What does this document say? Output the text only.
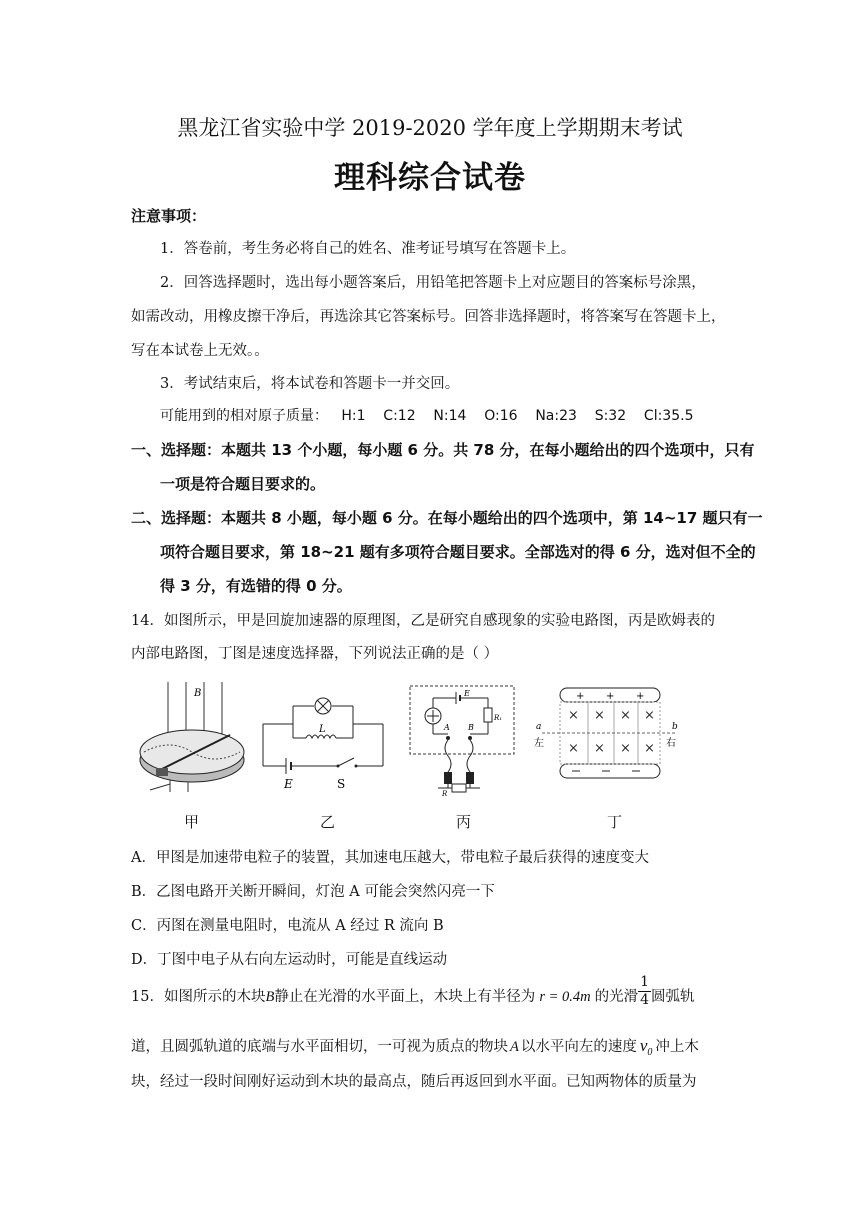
黑龙江省实验中学 2019-2020 学年度上学期期末考试
理科综合试卷
注意事项：
1．答卷前，考生务必将自己的姓名、准考证号填写在答题卡上。
2．回答选择题时，选出每小题答案后，用铅笔把答题卡上对应题目的答案标号涂黑，
如需改动，用橡皮擦干净后，再选涂其它答案标号。回答非选择题时，将答案写在答题卡上，
写在本试卷上无效。。
3．考试结束后，将本试卷和答题卡一并交回。
可能用到的相对原子质量：   H:1    C:12    N:14    O:16    Na:23    S:32    Cl:35.5
一、选择题：本题共 13 个小题，每小题 6 分。共 78 分，在每小题给出的四个选项中，只有
一项是符合题目要求的。
二、选择题：本题共 8 小题，每小题 6 分。在每小题给出的四个选项中，第 14~17 题只有一
项符合题目要求，第 18~21 题有多项符合题目要求。全部选对的得 6 分，选对但不全的
得 3 分，有选错的得 0 分。
14．如图所示，甲是回旋加速器的原理图，乙是研究自感现象的实验电路图，丙是欧姆表的
内部电路图，丁图是速度选择器，下列说法正确的是（ ）
B
甲
L
E	S
乙
E
R₁
A B
R
丙
+ + +
× × × ×
× × × ×
a	b
左	右
丁
A．甲图是加速带电粒子的装置，其加速电压越大，带电粒子最后获得的速度变大
B．乙图电路开关断开瞬间，灯泡 A 可能会突然闪亮一下
C．丙图在测量电阻时，电流从 A 经过 R 流向 B
D．丁图中电子从右向左运动时，可能是直线运动
15．如图所示的木块B静止在光滑的水平面上，木块上有半径为 r = 0.4m 的光滑 $\frac{1}{4}$ 圆弧轨
道，且圆弧轨道的底端与水平面相切，一可视为质点的物块 A 以水平向左的速度 $v_0$ 冲上木
块，经过一段时间刚好运动到木块的最高点，随后再返回到水平面。已知两物体的质量为
